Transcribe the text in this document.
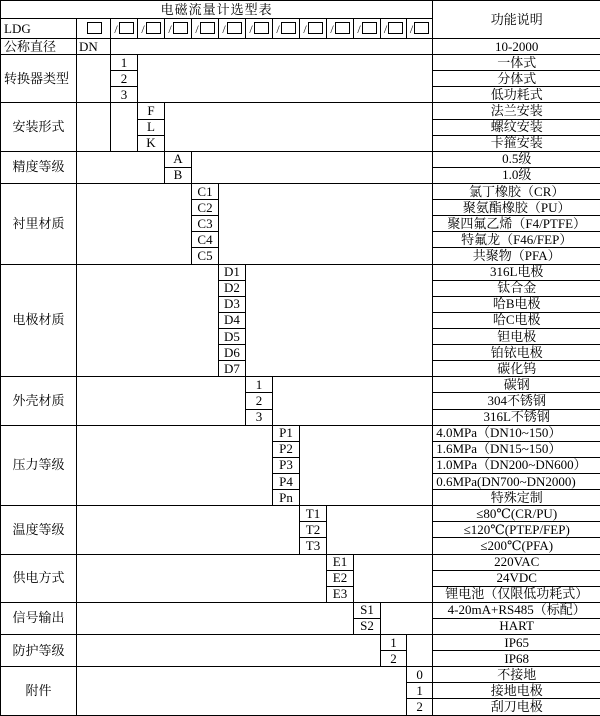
电磁流量计选型表														功能说明
LDG		/	/	/	/	/	/	/	/	/	/	/	/	
公称直径	DN													10-2000
转换器类型		1												一体式
		2												分体式
		3												低功耗式
安装形式			F											法兰安装
			L											螺纹安装
			K											卡箍安装
精度等级				A										0.5级
				B										1.0级
衬里材质					C1									氯丁橡胶（CR）
					C2									聚氨酯橡胶（PU）
					C3									聚四氟乙烯（F4/PTFE）
					C4									特氟龙（F46/FEP）
					C5									共聚物（PFA）
电极材质						D1								316L电极
						D2								钛合金
						D3								哈B电极
						D4								哈C电极
						D5								钽电极
						D6								铂铱电极
						D7								碳化钨
外壳材质							1							碳钢
							2							304不锈钢
							3							316L不锈钢
压力等级								P1						4.0MPa（DN10~150）
								P2						1.6MPa（DN15~150）
								P3						1.0MPa（DN200~DN600）
								P4						0.6MPa(DN700~DN2000)
								Pn						特殊定制
温度等级									T1					≤80℃(CR/PU)
									T2					≤120℃(PTEP/FEP)
									T3					≤200℃(PFA)
供电方式										E1				220VAC
										E2				24VDC
										E3				锂电池（仅限低功耗式）
信号输出											S1			4-20mA+RS485（标配）
											S2			HART
防护等级												1		IP65
												2		IP68
附件													0	不接地
													1	接地电极
													2	刮刀电极
